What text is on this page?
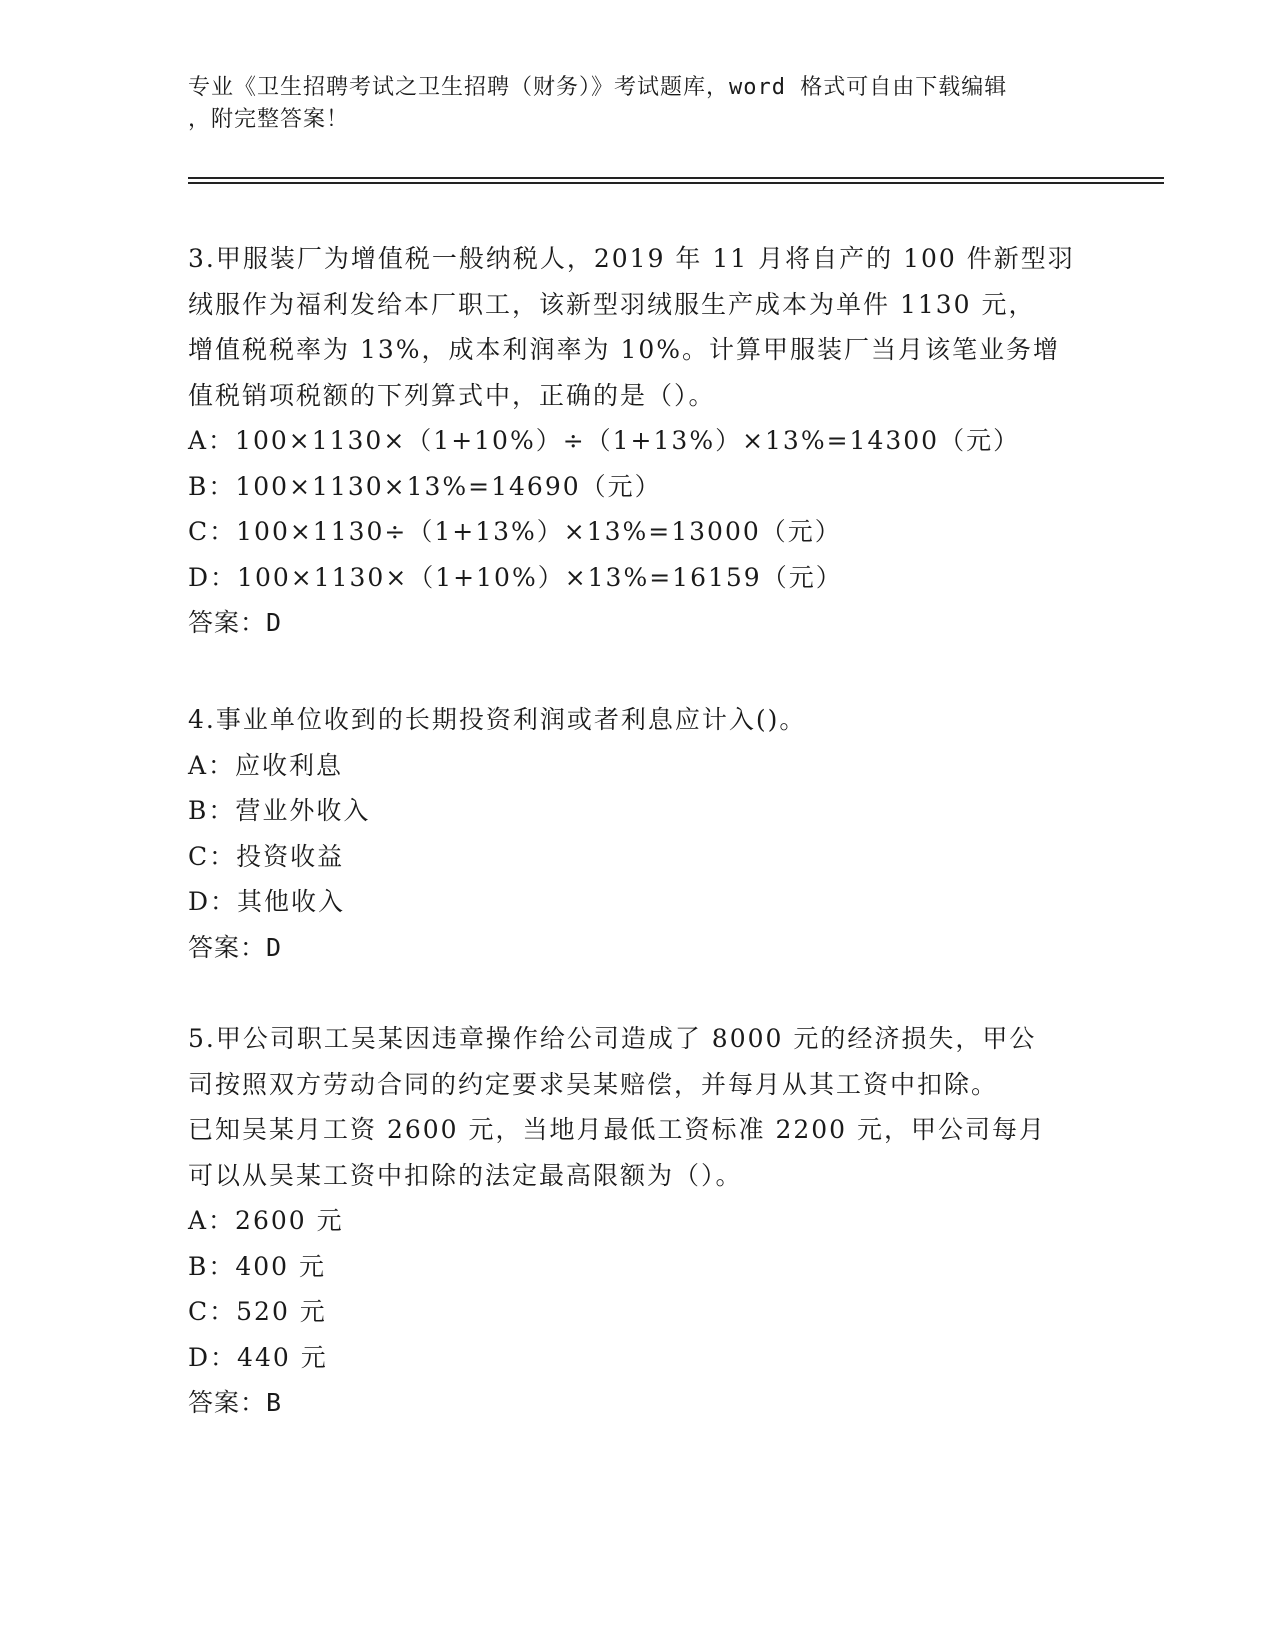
专业《卫生招聘考试之卫生招聘（财务）》考试题库，word 格式可自由下载编辑
，附完整答案！

3.甲服装厂为增值税一般纳税人，2019 年 11 月将自产的 100 件新型羽

绒服作为福利发给本厂职工，该新型羽绒服生产成本为单件 1130 元，

增值税税率为 13%，成本利润率为 10%。计算甲服装厂当月该笔业务增

值税销项税额的下列算式中，正确的是（）。

A：100×1130×（1+10%）÷（1+13%）×13%=14300（元）

B：100×1130×13%=14690（元）

C：100×1130÷（1+13%）×13%=13000（元）

D：100×1130×（1+10%）×13%=16159（元）

答案：D

4.事业单位收到的长期投资利润或者利息应计入()。

A：应收利息

B：营业外收入

C：投资收益

D：其他收入

答案：D

5.甲公司职工吴某因违章操作给公司造成了 8000 元的经济损失，甲公

司按照双方劳动合同的约定要求吴某赔偿，并每月从其工资中扣除。

已知吴某月工资 2600 元，当地月最低工资标准 2200 元，甲公司每月

可以从吴某工资中扣除的法定最高限额为（）。

A：2600 元

B：400 元

C：520 元

D：440 元

答案：B
